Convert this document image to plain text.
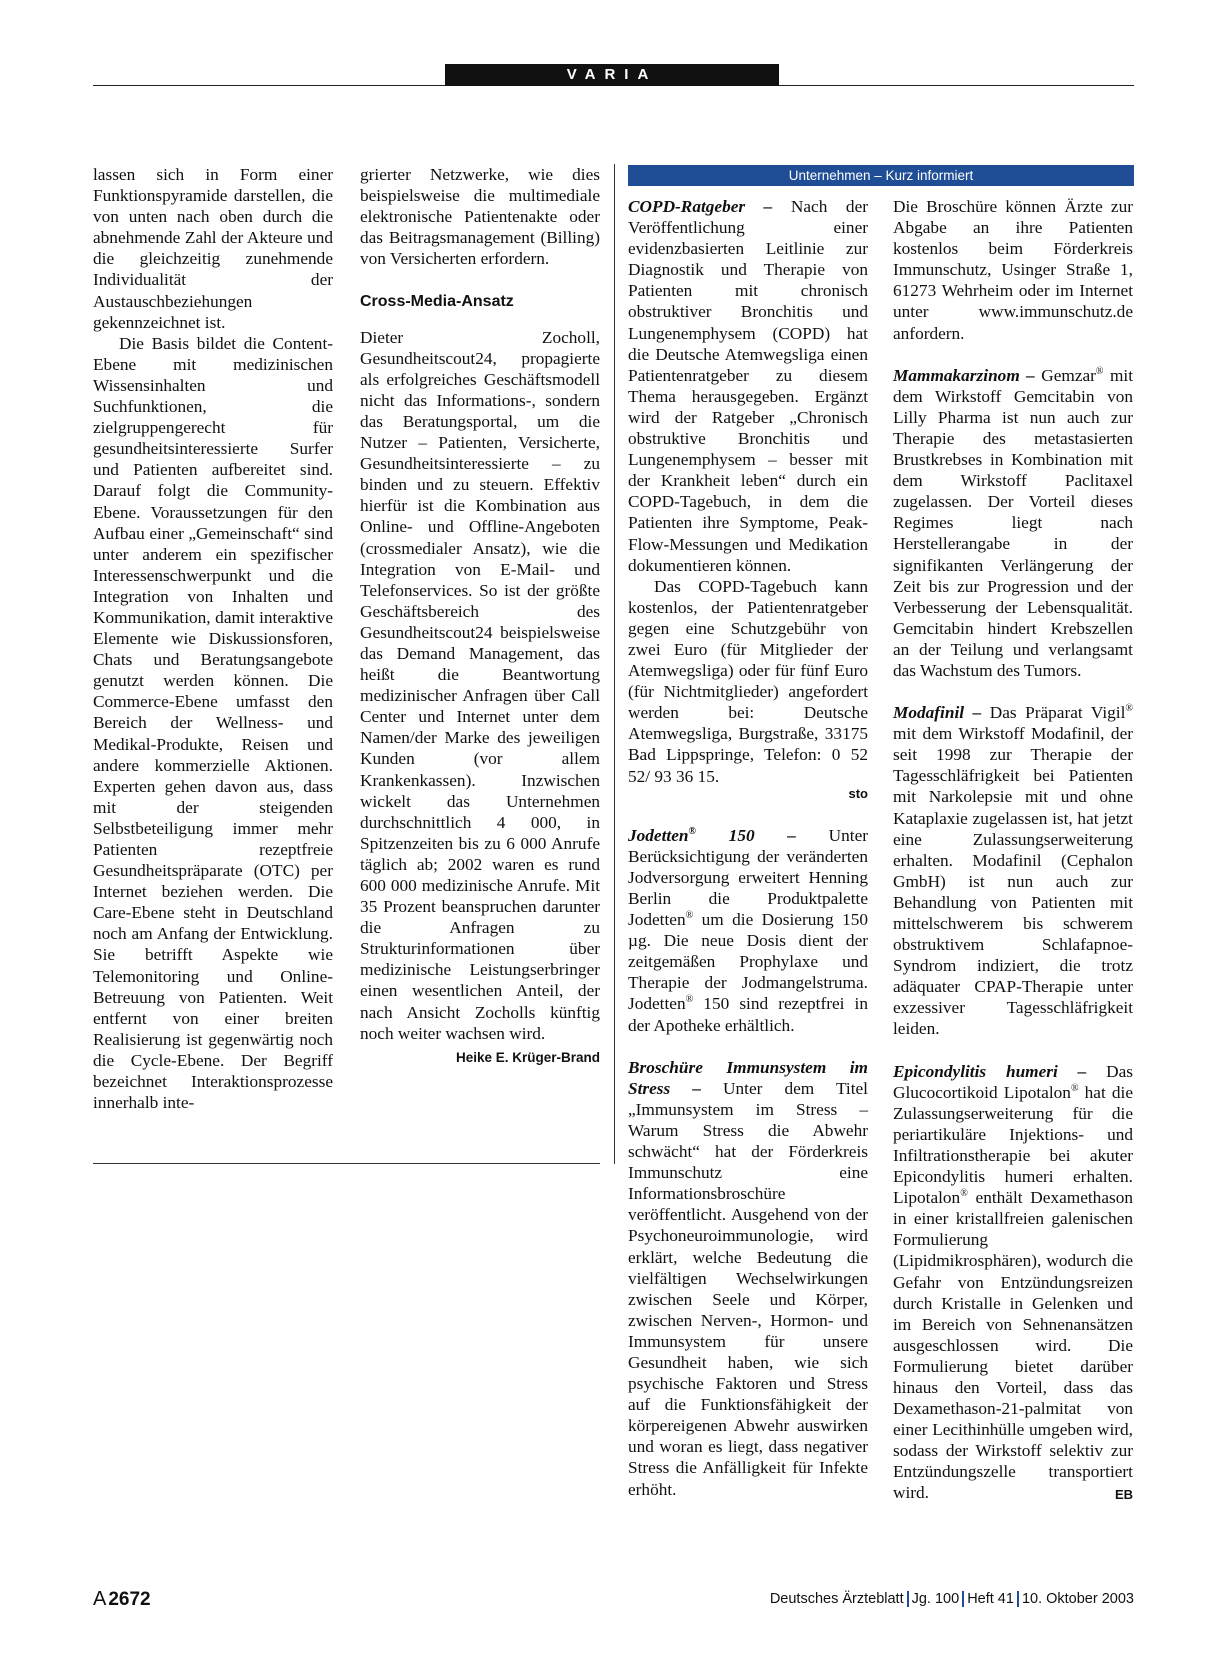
VARIA

lassen sich in Form einer Funktionspyramide darstellen, die von unten nach oben durch die abnehmende Zahl der Akteure und die gleichzeitig zunehmende Individualität der Austauschbeziehungen gekennzeichnet ist.

Die Basis bildet die Content-Ebene mit medizinischen Wissensinhalten und Suchfunktionen, die zielgruppengerecht für gesundheitsinteressierte Surfer und Patienten aufbereitet sind. Darauf folgt die Community-Ebene. Voraussetzungen für den Aufbau einer „Gemeinschaft“ sind unter anderem ein spezifischer Interessenschwerpunkt und die Integration von Inhalten und Kommunikation, damit interaktive Elemente wie Diskussionsforen, Chats und Beratungsangebote genutzt werden können. Die Commerce-Ebene umfasst den Bereich der Wellness- und Medikal-Produkte, Reisen und andere kommerzielle Aktionen. Experten gehen davon aus, dass mit der steigenden Selbstbeteiligung immer mehr Patienten rezeptfreie Gesundheitspräparate (OTC) per Internet beziehen werden. Die Care-Ebene steht in Deutschland noch am Anfang der Entwicklung. Sie betrifft Aspekte wie Telemonitoring und Online-Betreuung von Patienten. Weit entfernt von einer breiten Realisierung ist gegenwärtig noch die Cycle-Ebene. Der Begriff bezeichnet Interaktionsprozesse innerhalb inte-

grierter Netzwerke, wie dies beispielsweise die multimediale elektronische Patientenakte oder das Beitragsmanagement (Billing) von Versicherten erfordern.

Cross-Media-Ansatz

Dieter Zocholl, Gesundheitscout24, propagierte als erfolgreiches Geschäftsmodell nicht das Informations-, sondern das Beratungsportal, um die Nutzer – Patienten, Versicherte, Gesundheitsinteressierte – zu binden und zu steuern. Effektiv hierfür ist die Kombination aus Online- und Offline-Angeboten (crossmedialer Ansatz), wie die Integration von E-Mail- und Telefonservices. So ist der größte Geschäftsbereich des Gesundheitscout24 beispielsweise das Demand Management, das heißt die Beantwortung medizinischer Anfragen über Call Center und Internet unter dem Namen/der Marke des jeweiligen Kunden (vor allem Krankenkassen). Inzwischen wickelt das Unternehmen durchschnittlich 4 000, in Spitzenzeiten bis zu 6 000 Anrufe täglich ab; 2002 waren es rund 600 000 medizinische Anrufe. Mit 35 Prozent beanspruchen darunter die Anfragen zu Strukturinformationen über medizinische Leistungserbringer einen wesentlichen Anteil, der nach Ansicht Zocholls künftig noch weiter wachsen wird.
Heike E. Krüger-Brand

Unternehmen – Kurz informiert

COPD-Ratgeber – Nach der Veröffentlichung einer evidenzbasierten Leitlinie zur Diagnostik und Therapie von Patienten mit chronisch obstruktiver Bronchitis und Lungenemphysem (COPD) hat die Deutsche Atemwegsliga einen Patientenratgeber zu diesem Thema herausgegeben. Ergänzt wird der Ratgeber „Chronisch obstruktive Bronchitis und Lungenemphysem – besser mit der Krankheit leben“ durch ein COPD-Tagebuch, in dem die Patienten ihre Symptome, Peak-Flow-Messungen und Medikation dokumentieren können.

Das COPD-Tagebuch kann kostenlos, der Patientenratgeber gegen eine Schutzgebühr von zwei Euro (für Mitglieder der Atemwegsliga) oder für fünf Euro (für Nichtmitglieder) angefordert werden bei: Deutsche Atemwegsliga, Burgstraße, 33175 Bad Lippspringe, Telefon: 0 52 52/ 93 36 15.

sto

Jodetten® 150 – Unter Berücksichtigung der veränderten Jodversorgung erweitert Henning Berlin die Produktpalette Jodetten® um die Dosierung 150 µg. Die neue Dosis dient der zeitgemäßen Prophylaxe und Therapie der Jodmangelstruma. Jodetten® 150 sind rezeptfrei in der Apotheke erhältlich.

Broschüre Immunsystem im Stress – Unter dem Titel „Immunsystem im Stress – Warum Stress die Abwehr schwächt“ hat der Förderkreis Immunschutz eine Informationsbroschüre veröffentlicht. Ausgehend von der Psychoneuroimmunologie, wird erklärt, welche Bedeutung die vielfältigen Wechselwirkungen zwischen Seele und Körper, zwischen Nerven-, Hormon- und Immunsystem für unsere Gesundheit haben, wie sich psychische Faktoren und Stress auf die Funktionsfähigkeit der körpereigenen Abwehr auswirken und woran es liegt, dass negativer Stress die Anfälligkeit für Infekte erhöht.

Die Broschüre können Ärzte zur Abgabe an ihre Patienten kostenlos beim Förderkreis Immunschutz, Usinger Straße 1, 61273 Wehrheim oder im Internet unter www.immunschutz.de anfordern.

Mammakarzinom – Gemzar® mit dem Wirkstoff Gemcitabin von Lilly Pharma ist nun auch zur Therapie des metastasierten Brustkrebses in Kombination mit dem Wirkstoff Paclitaxel zugelassen. Der Vorteil dieses Regimes liegt nach Herstellerangabe in der signifikanten Verlängerung der Zeit bis zur Progression und der Verbesserung der Lebensqualität. Gemcitabin hindert Krebszellen an der Teilung und verlangsamt das Wachstum des Tumors.

Modafinil – Das Präparat Vigil® mit dem Wirkstoff Modafinil, der seit 1998 zur Therapie der Tagesschläfrigkeit bei Patienten mit Narkolepsie mit und ohne Kataplaxie zugelassen ist, hat jetzt eine Zulassungserweiterung erhalten. Modafinil (Cephalon GmbH) ist nun auch zur Behandlung von Patienten mit mittelschwerem bis schwerem obstruktivem Schlafapnoe-Syndrom indiziert, die trotz adäquater CPAP-Therapie unter exzessiver Tagesschläfrigkeit leiden.

Epicondylitis humeri – Das Glucocortikoid Lipotalon® hat die Zulassungserweiterung für die periartikuläre Injektions- und Infiltrationstherapie bei akuter Epicondylitis humeri erhalten. Lipotalon® enthält Dexamethason in einer kristallfreien galenischen Formulierung (Lipidmikrosphären), wodurch die Gefahr von Entzündungsreizen durch Kristalle in Gelenken und im Bereich von Sehnenansätzen ausgeschlossen wird. Die Formulierung bietet darüber hinaus den Vorteil, dass das Dexamethason-21-palmitat von einer Lecithinhülle umgeben wird, sodass der Wirkstoff selektiv zur Entzündungszelle transportiert wird.	EB

A 2672	Deutsches Ärzteblatt Jg. 100 Heft 41 10. Oktober 2003
